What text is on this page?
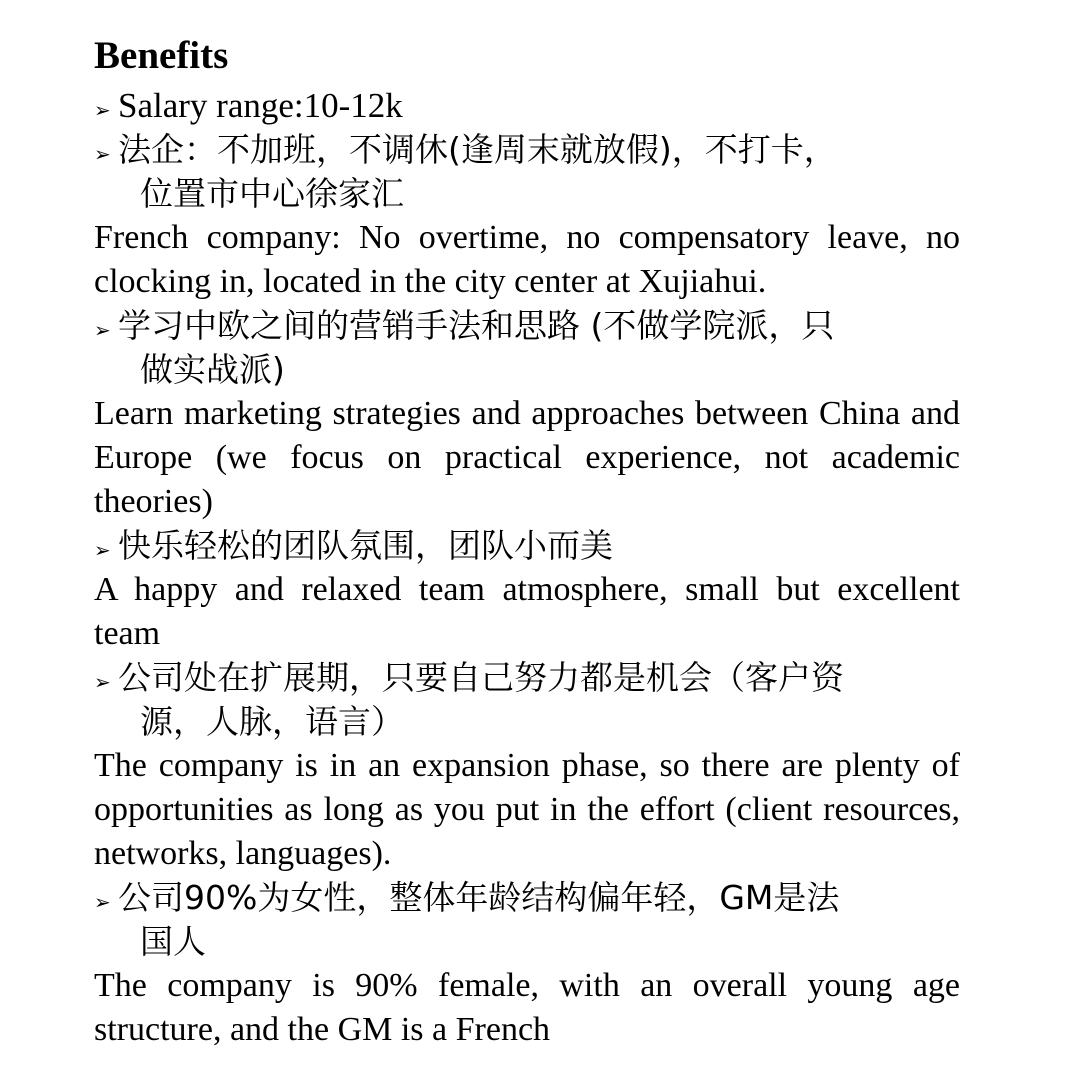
Benefits
➢ Salary range:10-12k
➢ 法企：不加班，不调休(逢周末就放假)，不打卡，
位置市中心徐家汇

French company: No overtime, no compensatory leave, no clocking in, located in the city center at Xujiahui.

➢ 学习中欧之间的营销手法和思路 (不做学院派，只
做实战派)

Learn marketing strategies and approaches between China and Europe (we focus on practical experience, not academic theories)

➢ 快乐轻松的团队氛围，团队小而美

A happy and relaxed team atmosphere, small but excellent team

➢ 公司处在扩展期，只要自己努力都是机会（客户资
源，人脉，语言）

The company is in an expansion phase, so there are plenty of opportunities as long as you put in the effort (client resources, networks, languages).

➢ 公司90%为女性，整体年龄结构偏年轻，GM是法
国人

The company is 90% female, with an overall young age structure, and the GM is a French
